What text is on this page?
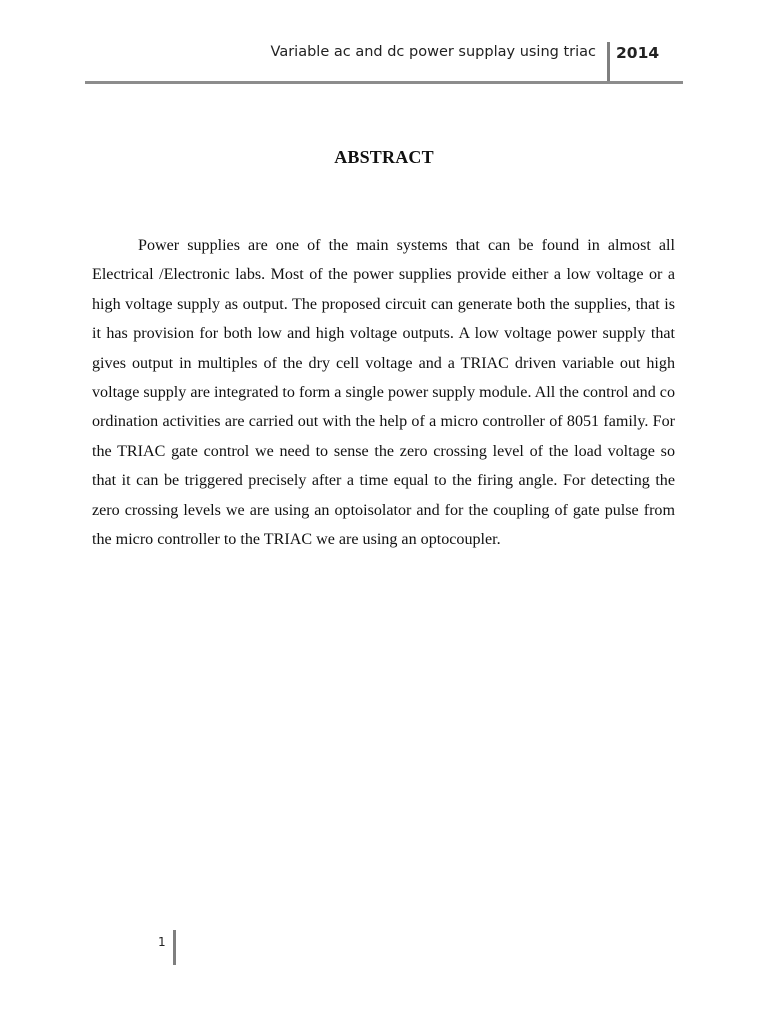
Variable ac and dc power supplay using triac 2014
ABSTRACT

Power supplies are one of the main systems that can be found in almost all Electrical /Electronic labs. Most of the power supplies provide either a low voltage or a high voltage supply as output. The proposed circuit can generate both the supplies, that is it has provision for both low and high voltage outputs. A low voltage power supply that gives output in multiples of the dry cell voltage and a TRIAC driven variable out high voltage supply are integrated to form a single power supply module. All the control and co ordination activities are carried out with the help of a micro controller of 8051 family. For the TRIAC gate control we need to sense the zero crossing level of the load voltage so that it can be triggered precisely after a time equal to the firing angle. For detecting the zero crossing levels we are using an optoisolator and for the coupling of gate pulse from the micro controller to the TRIAC we are using an optocoupler.

1
